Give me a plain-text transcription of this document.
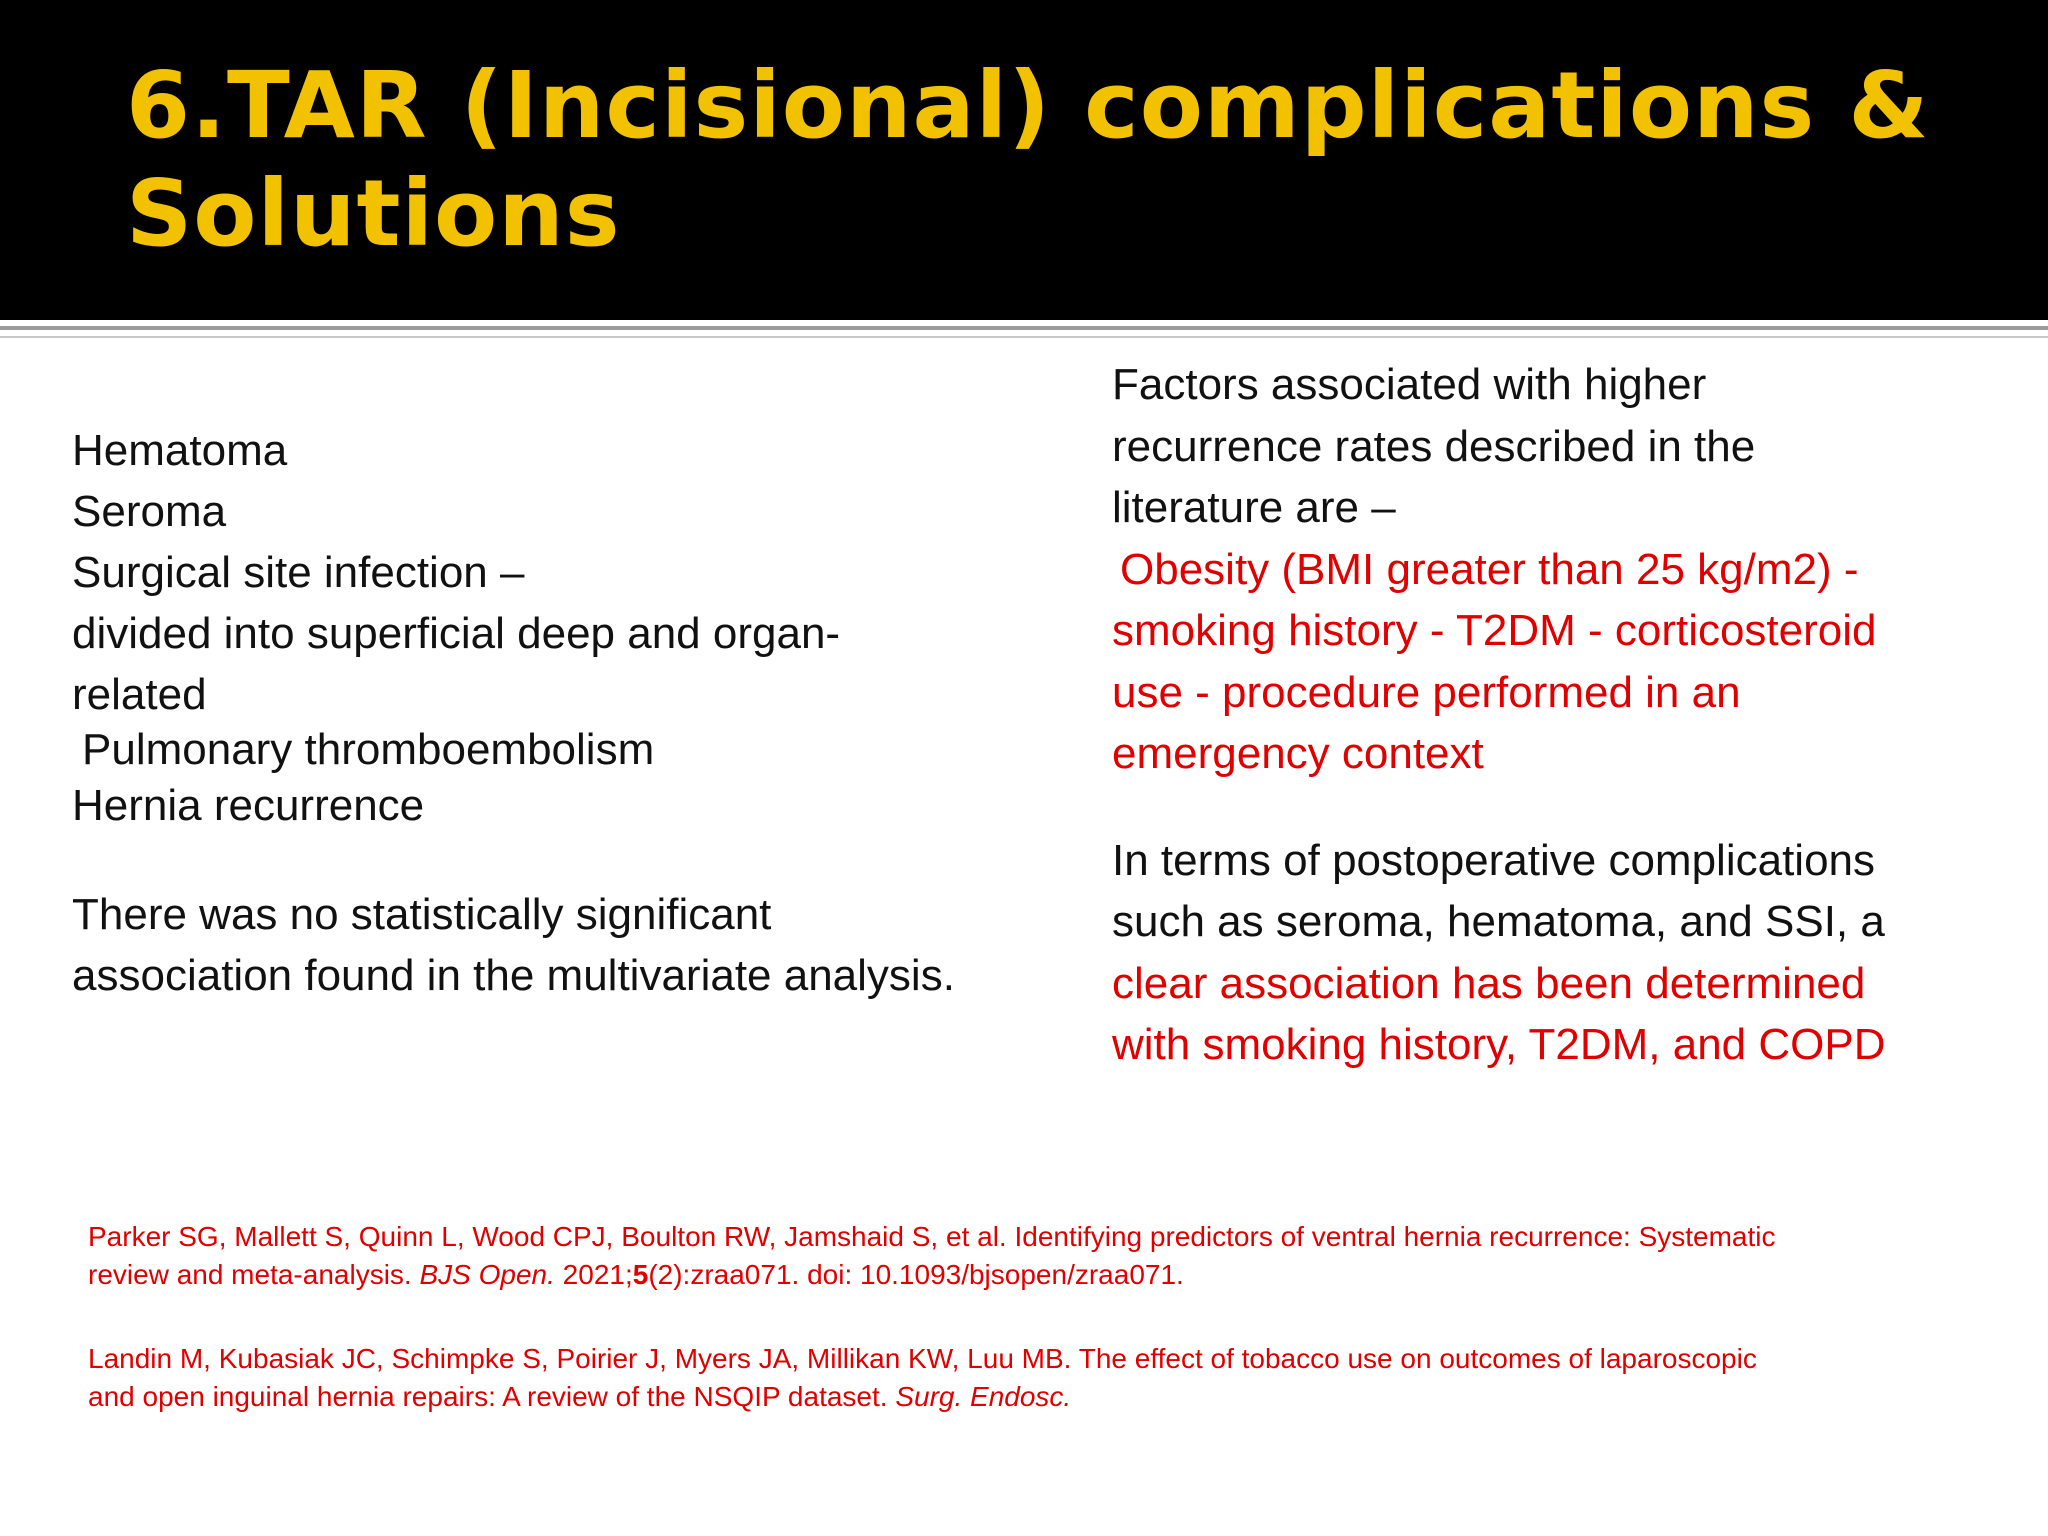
6.TAR (Incisional) complications &
Solutions
Hematoma
Seroma
Surgical site infection –
divided into superficial deep and organ-
related
Pulmonary thromboembolism
Hernia recurrence
There was no statistically significant
association found in the multivariate analysis.
Factors associated with higher
recurrence rates described in the
literature are –
Obesity (BMI greater than 25 kg/m2) -
smoking history - T2DM - corticosteroid
use - procedure performed in an
emergency context
In terms of postoperative complications
such as seroma, hematoma, and SSI, a
clear association has been determined
with smoking history, T2DM, and COPD
Parker SG, Mallett S, Quinn L, Wood CPJ, Boulton RW, Jamshaid S, et al. Identifying predictors of ventral hernia recurrence: Systematic
review and meta-analysis. BJS Open. 2021;5(2):zraa071. doi: 10.1093/bjsopen/zraa071.
Landin M, Kubasiak JC, Schimpke S, Poirier J, Myers JA, Millikan KW, Luu MB. The effect of tobacco use on outcomes of laparoscopic
and open inguinal hernia repairs: A review of the NSQIP dataset. Surg. Endosc.
